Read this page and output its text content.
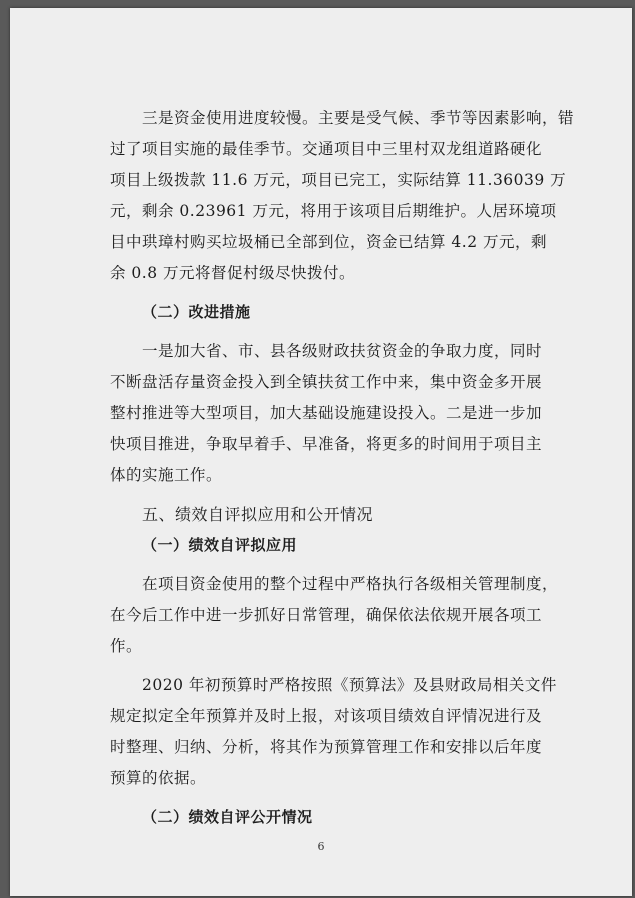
三是资金使用进度较慢。主要是受气候、季节等因素影响，错
过了项目实施的最佳季节。交通项目中三里村双龙组道路硬化
项目上级拨款 11.6 万元，项目已完工，实际结算 11.36039 万
元，剩余 0.23961 万元，将用于该项目后期维护。人居环境项
目中珙璋村购买垃圾桶已全部到位，资金已结算 4.2 万元，剩
余 0.8 万元将督促村级尽快拨付。
（二）改进措施
一是加大省、市、县各级财政扶贫资金的争取力度，同时
不断盘活存量资金投入到全镇扶贫工作中来，集中资金多开展
整村推进等大型项目，加大基础设施建设投入。二是进一步加
快项目推进，争取早着手、早准备，将更多的时间用于项目主
体的实施工作。
五、绩效自评拟应用和公开情况
（一）绩效自评拟应用
在项目资金使用的整个过程中严格执行各级相关管理制度，
在今后工作中进一步抓好日常管理，确保依法依规开展各项工
作。
2020 年初预算时严格按照《预算法》及县财政局相关文件
规定拟定全年预算并及时上报，对该项目绩效自评情况进行及
时整理、归纳、分析，将其作为预算管理工作和安排以后年度
预算的依据。
（二）绩效自评公开情况
6
